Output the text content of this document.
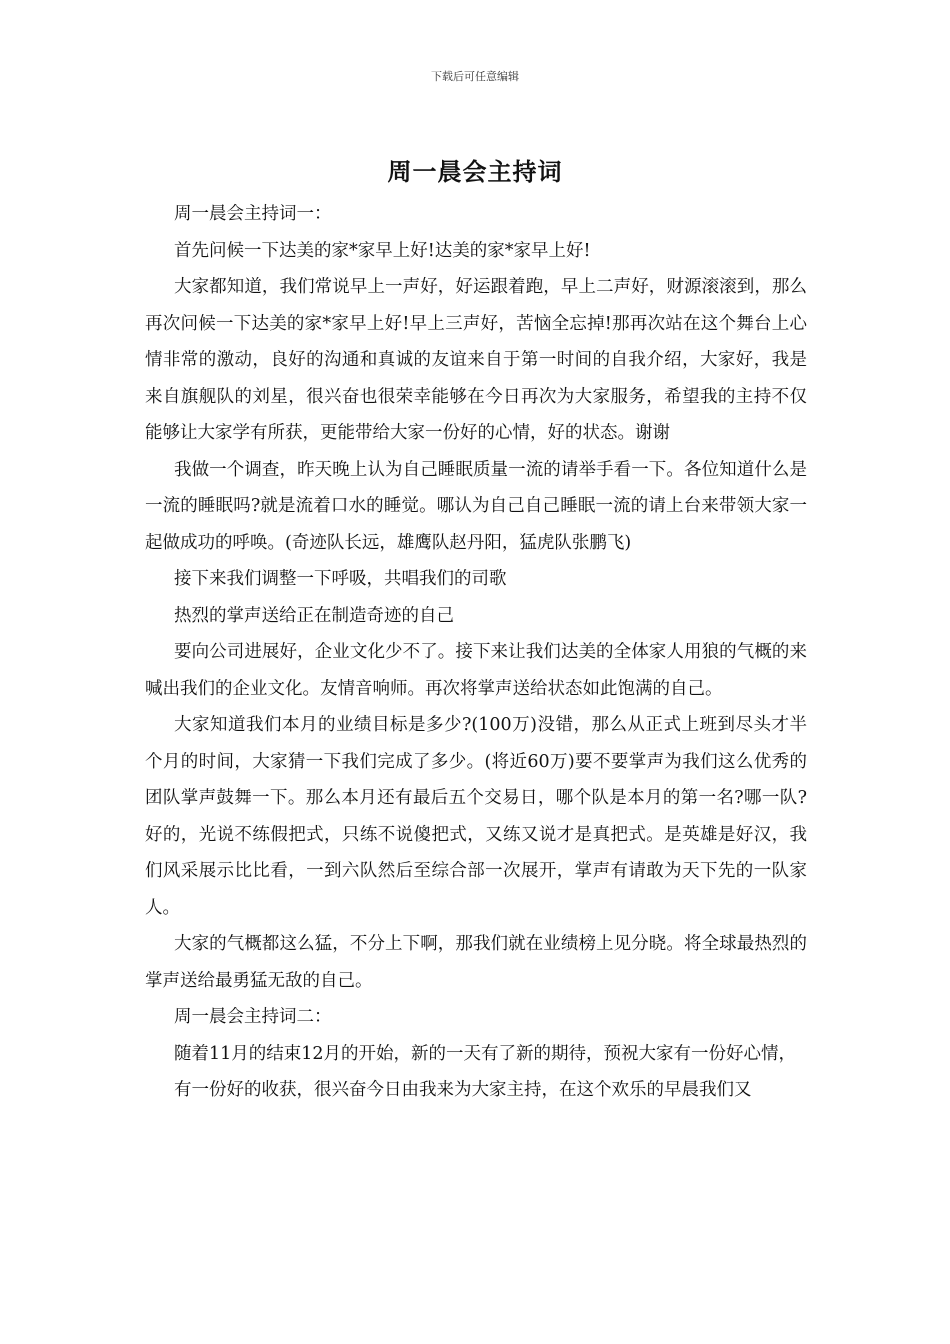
下载后可任意编辑
周一晨会主持词

周一晨会主持词一：

首先问候一下达美的家*家早上好!达美的家*家早上好!

大家都知道，我们常说早上一声好，好运跟着跑，早上二声好，财源滚滚到，那么再次问候一下达美的家*家早上好!早上三声好，苦恼全忘掉!那再次站在这个舞台上心情非常的激动，良好的沟通和真诚的友谊来自于第一时间的自我介绍，大家好，我是来自旗舰队的刘星，很兴奋也很荣幸能够在今日再次为大家服务，希望我的主持不仅能够让大家学有所获，更能带给大家一份好的心情，好的状态。谢谢

我做一个调查，昨天晚上认为自己睡眠质量一流的请举手看一下。各位知道什么是一流的睡眠吗?就是流着口水的睡觉。哪认为自己自己睡眠一流的请上台来带领大家一起做成功的呼唤。(奇迹队长远，雄鹰队赵丹阳，猛虎队张鹏飞)

接下来我们调整一下呼吸，共唱我们的司歌

热烈的掌声送给正在制造奇迹的自己

要向公司进展好，企业文化少不了。接下来让我们达美的全体家人用狼的气概的来喊出我们的企业文化。友情音响师。再次将掌声送给状态如此饱满的自己。

大家知道我们本月的业绩目标是多少?(100万)没错，那么从正式上班到尽头才半个月的时间，大家猜一下我们完成了多少。(将近60万)要不要掌声为我们这么优秀的团队掌声鼓舞一下。那么本月还有最后五个交易日，哪个队是本月的第一名?哪一队?好的，光说不练假把式，只练不说傻把式，又练又说才是真把式。是英雄是好汉，我们风采展示比比看，一到六队然后至综合部一次展开，掌声有请敢为天下先的一队家人。

大家的气概都这么猛，不分上下啊，那我们就在业绩榜上见分晓。将全球最热烈的掌声送给最勇猛无敌的自己。

周一晨会主持词二：

随着11月的结束12月的开始，新的一天有了新的期待，预祝大家有一份好心情，

有一份好的收获，很兴奋今日由我来为大家主持，在这个欢乐的早晨我们又
